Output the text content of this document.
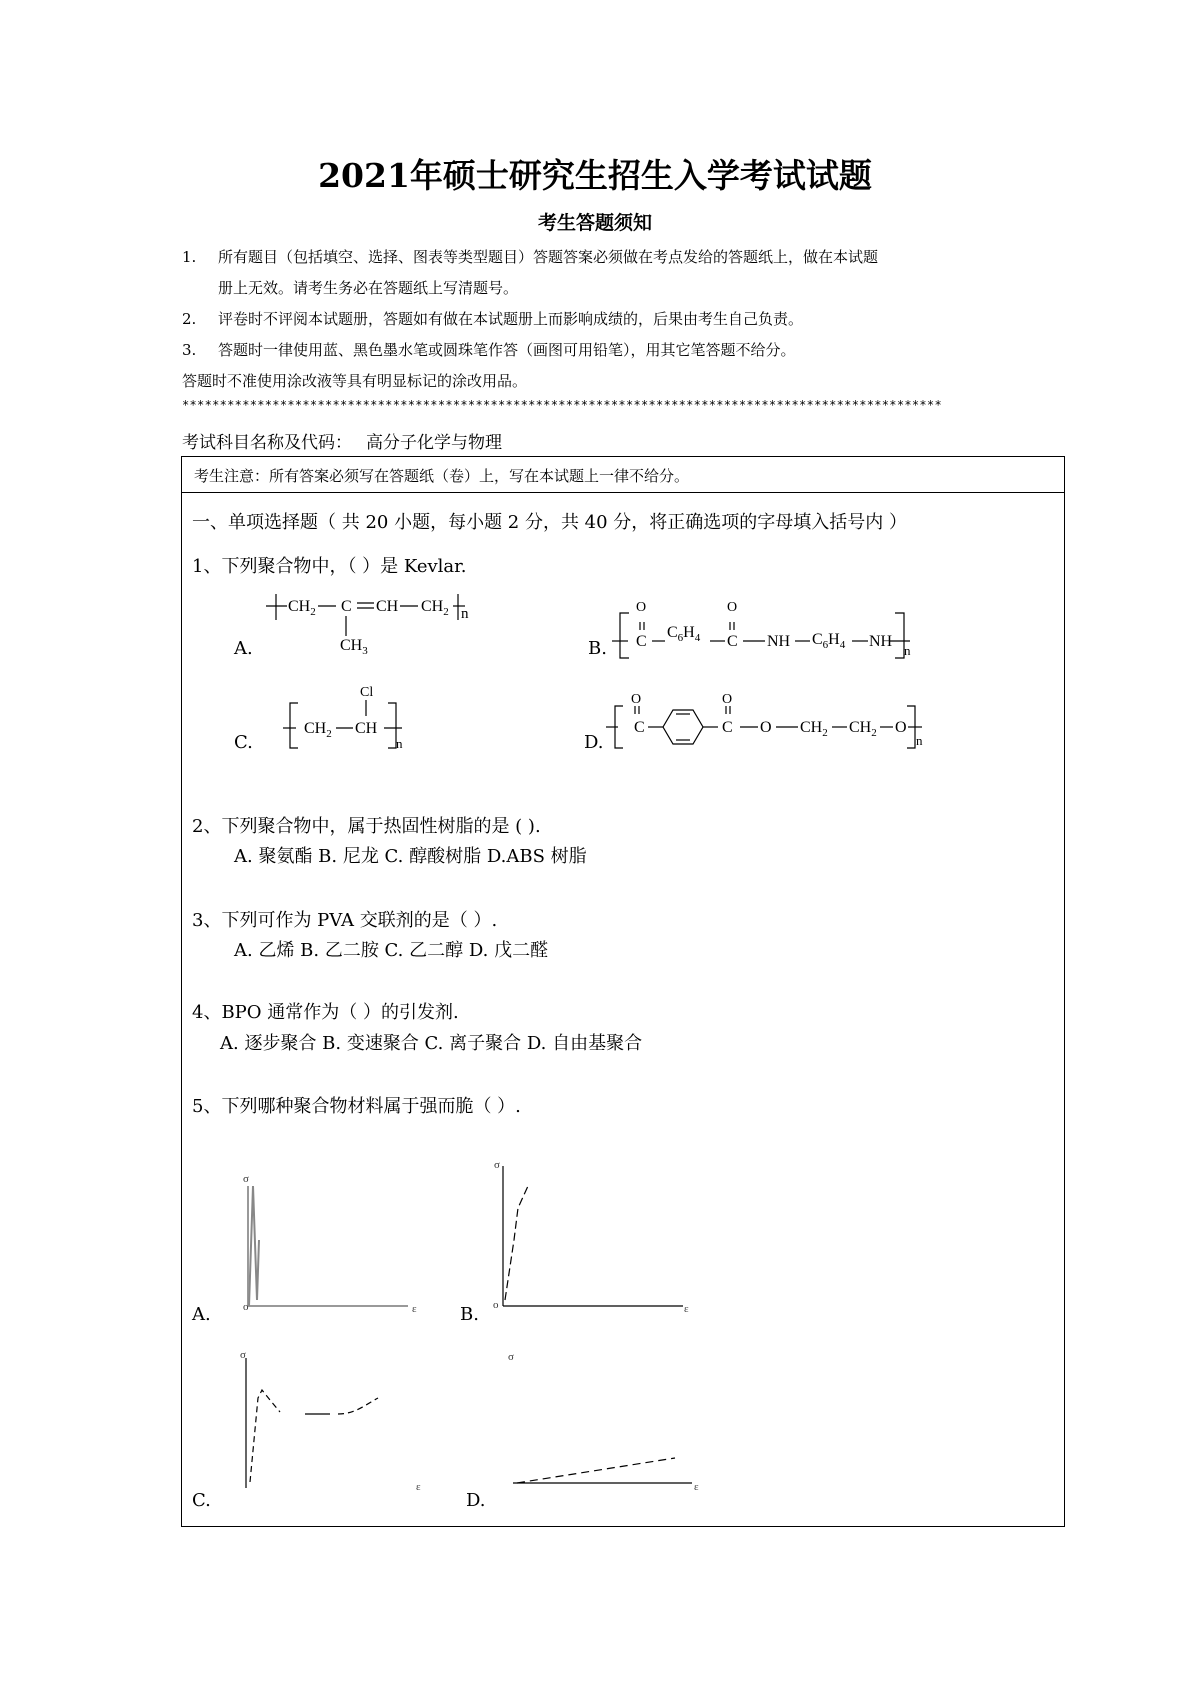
2021年硕士研究生招生入学考试试题
考生答题须知
1. 所有题目（包括填空、选择、图表等类型题目）答题答案必须做在考点发给的答题纸上，做在本试题
册上无效。请考生务必在答题纸上写清题号。
2. 评卷时不评阅本试题册，答题如有做在本试题册上而影响成绩的，后果由考生自己负责。
3. 答题时一律使用蓝、黑色墨水笔或圆珠笔作答（画图可用铅笔），用其它笔答题不给分。
答题时不准使用涂改液等具有明显标记的涂改用品。
*****************************************************************************************************
考试科目名称及代码： 高分子化学与物理
考生注意：所有答案必须写在答题纸（卷）上，写在本试题上一律不给分。
一、单项选择题（ 共 20 小题，每小题 2 分，共 40 分，将正确选项的字母填入括号内 ）
1、下列聚合物中，（ ）是 Kevlar.
$CH_2$ C CH $CH_2$ n
$CH_3$
O
C
$C_6H_4$
O
C NH $C_6H_4$ NH
n
Cl
$CH_2$ CH
n
O
C
O
C O $CH_2$ $CH_2$ O
n
A.	B.
C.	D.
2、下列聚合物中，属于热固性树脂的是 ( ).
A. 聚氨酯 B. 尼龙 C. 醇酸树脂 D.ABS 树脂
3、下列可作为 PVA 交联剂的是（ ）.
A. 乙烯 B. 乙二胺 C. 乙二醇 D. 戊二醛
4、BPO 通常作为（ ）的引发剂.
A. 逐步聚合 B. 变速聚合 C. 离子聚合 D. 自由基聚合
5、下列哪种聚合物材料属于强而脆（ ）.
σ
o	ε
σ
o	ε
σ
ε
σ
ε
A.	B.
C.	D.
